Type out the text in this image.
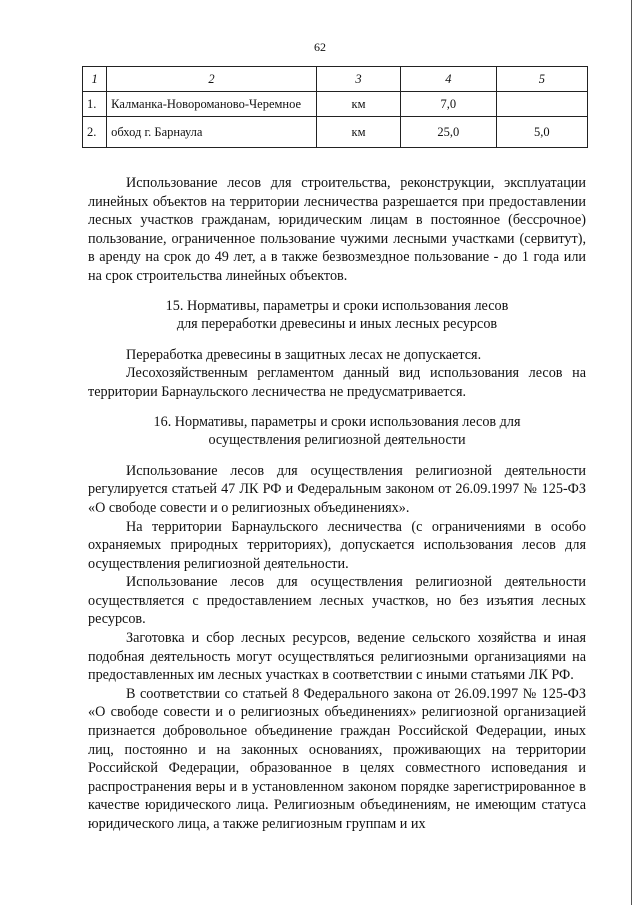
62
1	2	3	4	5
1.	Калманка-Новороманово-Черемное	км	7,0	
2.	обход г. Барнаула	км	25,0	5,0

Использование лесов для строительства, реконструкции, эксплуатации линейных объектов на территории лесничества разрешается при предоставлении лесных участков гражданам, юридическим лицам в постоянное (бессрочное) пользование, ограниченное пользование чужими лесными участками (сервитут), в аренду на срок до 49 лет, а в также безвозмездное пользование - до 1 года или на срок строительства линейных объектов.

15. Нормативы, параметры и сроки использования лесов
для переработки древесины и иных лесных ресурсов

Переработка древесины в защитных лесах не допускается.

Лесохозяйственным регламентом данный вид использования лесов на территории Барнаульского лесничества не предусматривается.

16. Нормативы, параметры и сроки использования лесов для
осуществления религиозной деятельности

Использование лесов для осуществления религиозной деятельности регулируется статьей 47 ЛК РФ и Федеральным законом от 26.09.1997 № 125-ФЗ «О свободе совести и о религиозных объединениях».

На территории Барнаульского лесничества (с ограничениями в особо охраняемых природных территориях), допускается использования лесов для осуществления религиозной деятельности.

Использование лесов для осуществления религиозной деятельности осуществляется с предоставлением лесных участков, но без изъятия лесных ресурсов.

Заготовка и сбор лесных ресурсов, ведение сельского хозяйства и иная подобная деятельность могут осуществляться религиозными организациями на предоставленных им лесных участках в соответствии с иными статьями ЛК РФ.

В соответствии со статьей 8 Федерального закона от 26.09.1997 № 125-ФЗ «О свободе совести и о религиозных объединениях» религиозной организацией признается добровольное объединение граждан Российской Федерации, иных лиц, постоянно и на законных основаниях, проживающих на территории Российской Федерации, образованное в целях совместного исповедания и распространения веры и в установленном законом порядке зарегистрированное в качестве юридического лица. Религиозным объединениям, не имеющим статуса юридического лица, а также религиозным группам и их
